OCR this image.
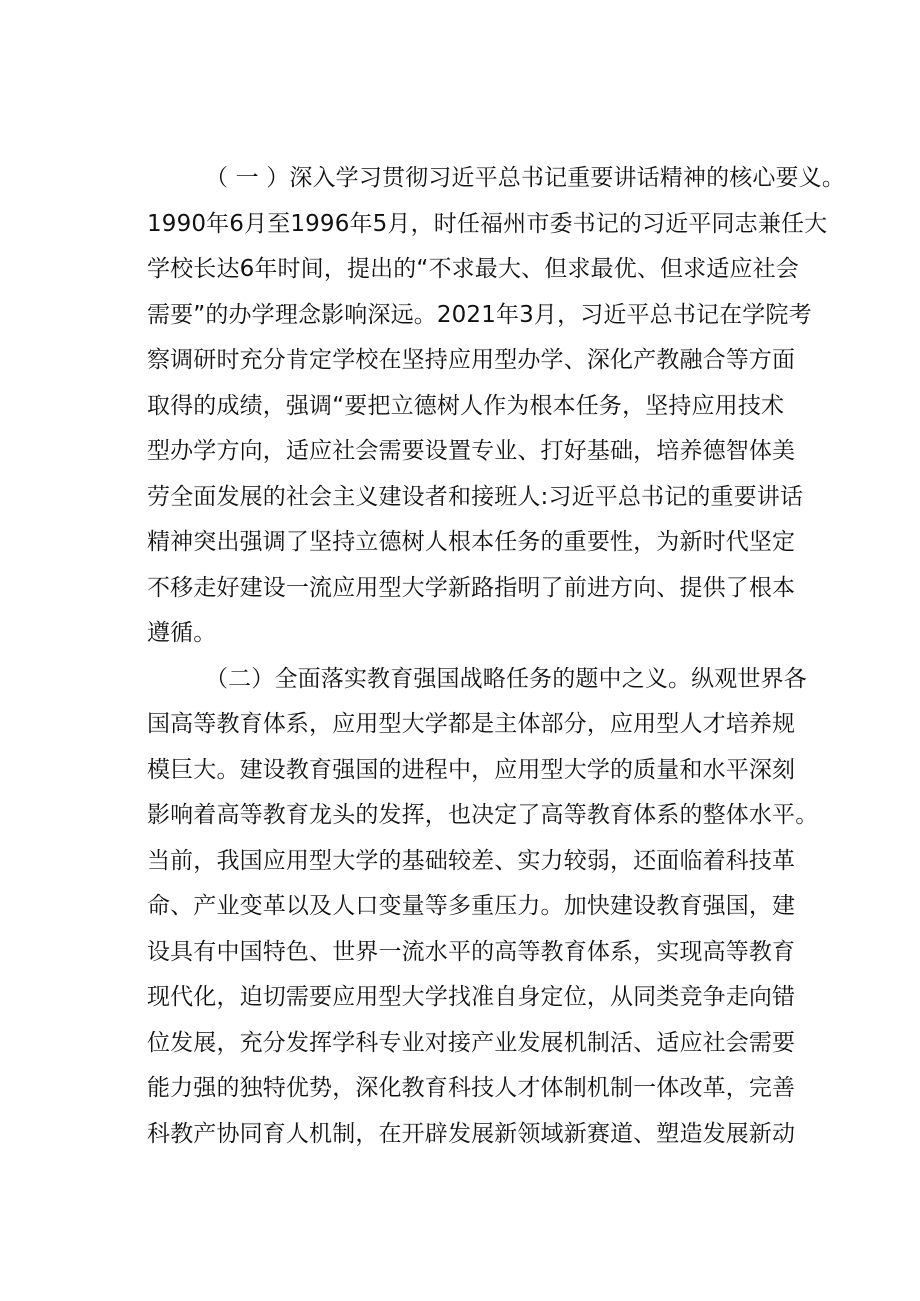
（ 一 ）深入学习贯彻习近平总书记重要讲话精神的核心要义。
1990年6月至1996年5月，时任福州市委书记的习近平同志兼任大
学校长达6年时间，提出的“不求最大、但求最优、但求适应社会
需要”的办学理念影响深远。2021年3月，习近平总书记在学院考
察调研时充分肯定学校在坚持应用型办学、深化产教融合等方面
取得的成绩，强调“要把立德树人作为根本任务，坚持应用技术
型办学方向，适应社会需要设置专业、打好基础，培养德智体美
劳全面发展的社会主义建设者和接班人:习近平总书记的重要讲话
精神突出强调了坚持立德树人根本任务的重要性，为新时代坚定
不移走好建设一流应用型大学新路指明了前进方向、提供了根本
遵循。
（二）全面落实教育强国战略任务的题中之义。纵观世界各
国高等教育体系，应用型大学都是主体部分，应用型人才培养规
模巨大。建设教育强国的进程中，应用型大学的质量和水平深刻
影响着高等教育龙头的发挥，也决定了高等教育体系的整体水平。
当前，我国应用型大学的基础较差、实力较弱，还面临着科技革
命、产业变革以及人口变量等多重压力。加快建设教育强国，建
设具有中国特色、世界一流水平的高等教育体系，实现高等教育
现代化，迫切需要应用型大学找准自身定位，从同类竞争走向错
位发展，充分发挥学科专业对接产业发展机制活、适应社会需要
能力强的独特优势，深化教育科技人才体制机制一体改革，完善
科教产协同育人机制，在开辟发展新领域新赛道、塑造发展新动
